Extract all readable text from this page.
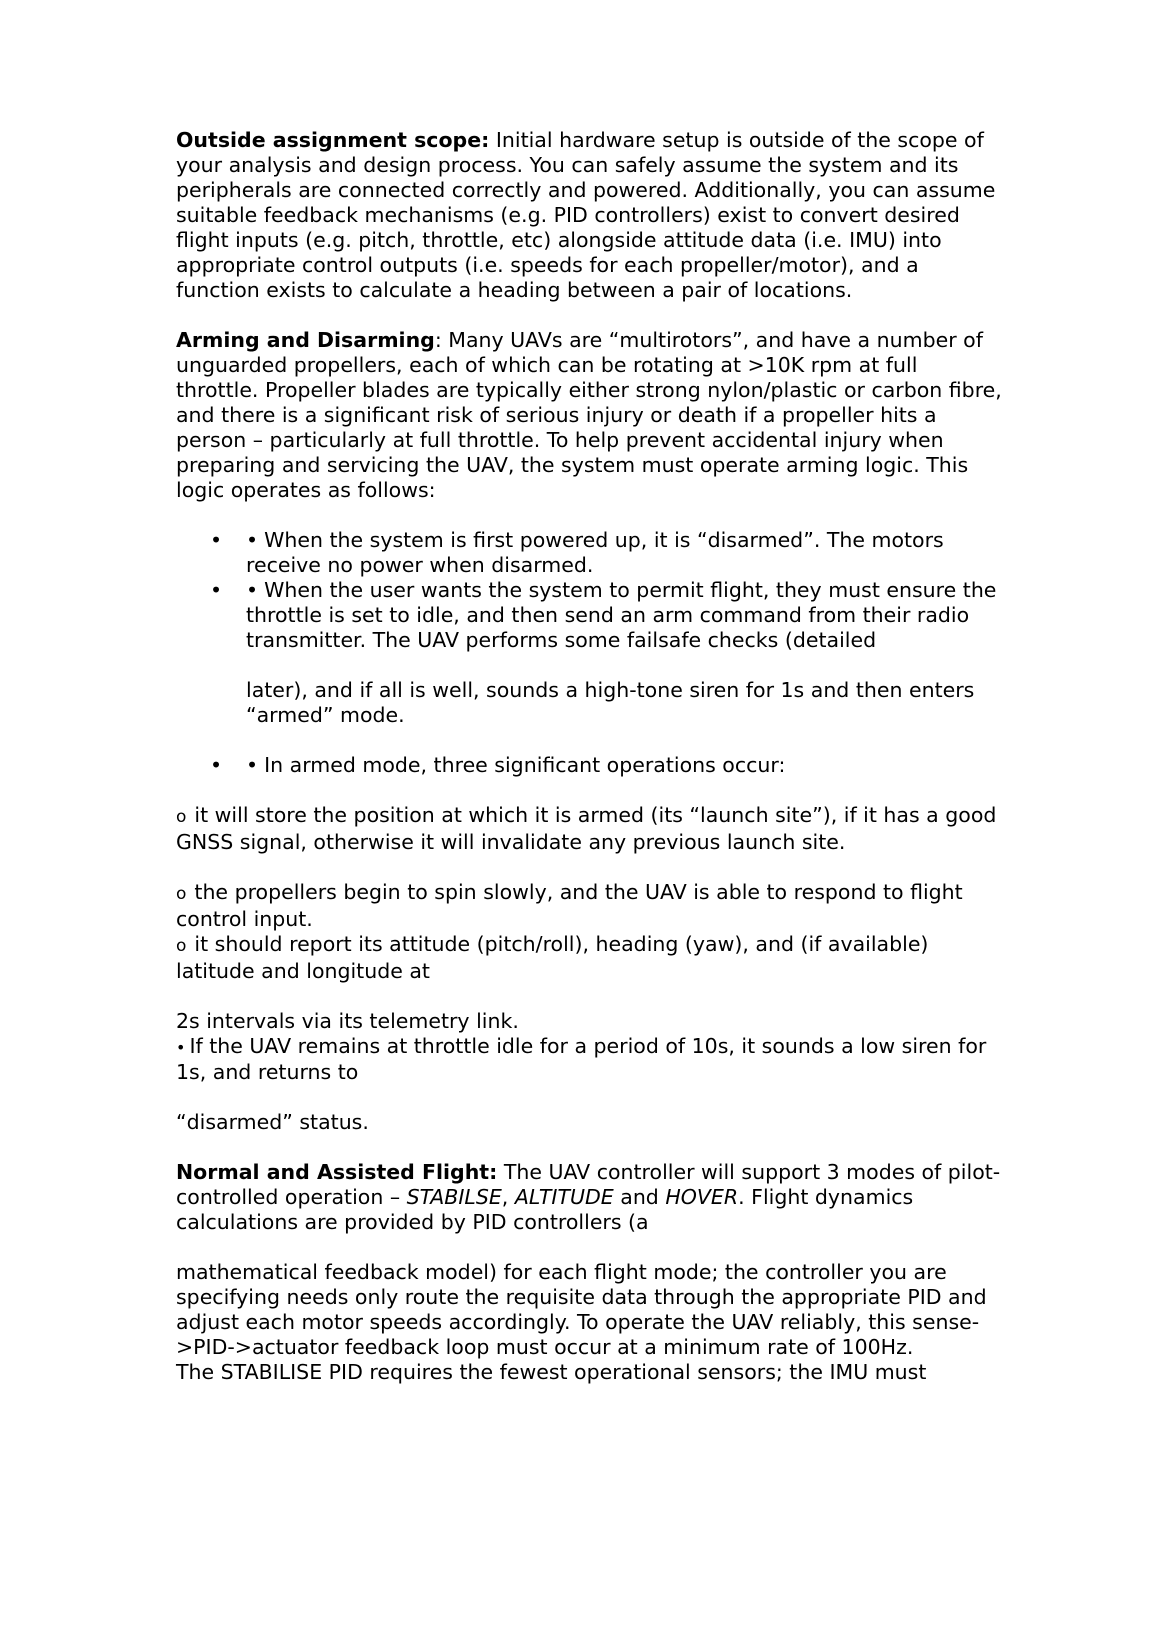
Outside assignment scope: Initial hardware setup is outside of the scope of your analysis and design process. You can safely assume the system and its peripherals are connected correctly and powered. Additionally, you can assume suitable feedback mechanisms (e.g. PID controllers) exist to convert desired flight inputs (e.g. pitch, throttle, etc) alongside attitude data (i.e. IMU) into appropriate control outputs (i.e. speeds for each propeller/motor), and a function exists to calculate a heading between a pair of locations.

Arming and Disarming: Many UAVs are “multirotors”, and have a number of unguarded propellers, each of which can be rotating at >10K rpm at full throttle. Propeller blades are typically either strong nylon/plastic or carbon fibre, and there is a significant risk of serious injury or death if a propeller hits a person – particularly at full throttle. To help prevent accidental injury when preparing and servicing the UAV, the system must operate arming logic. This logic operates as follows:

• • When the system is first powered up, it is “disarmed”. The motors receive no power when disarmed.
• • When the user wants the system to permit flight, they must ensure the throttle is set to idle, and then send an arm command from their radio transmitter. The UAV performs some failsafe checks (detailed
later), and if all is well, sounds a high-tone siren for 1s and then enters “armed” mode.
• • In armed mode, three significant operations occur:

o it will store the position at which it is armed (its “launch site”), if it has a good GNSS signal, otherwise it will invalidate any previous launch site.

o the propellers begin to spin slowly, and the UAV is able to respond to flight control input.

o it should report its attitude (pitch/roll), heading (yaw), and (if available) latitude and longitude at

2s intervals via its telemetry link.

• If the UAV remains at throttle idle for a period of 10s, it sounds a low siren for 1s, and returns to

“disarmed” status.

Normal and Assisted Flight: The UAV controller will support 3 modes of pilot-controlled operation – STABILSE, ALTITUDE and HOVER. Flight dynamics calculations are provided by PID controllers (a

mathematical feedback model) for each flight mode; the controller you are specifying needs only route the requisite data through the appropriate PID and adjust each motor speeds accordingly. To operate the UAV reliably, this sense->PID->actuator feedback loop must occur at a minimum rate of 100Hz.

The STABILISE PID requires the fewest operational sensors; the IMU must
